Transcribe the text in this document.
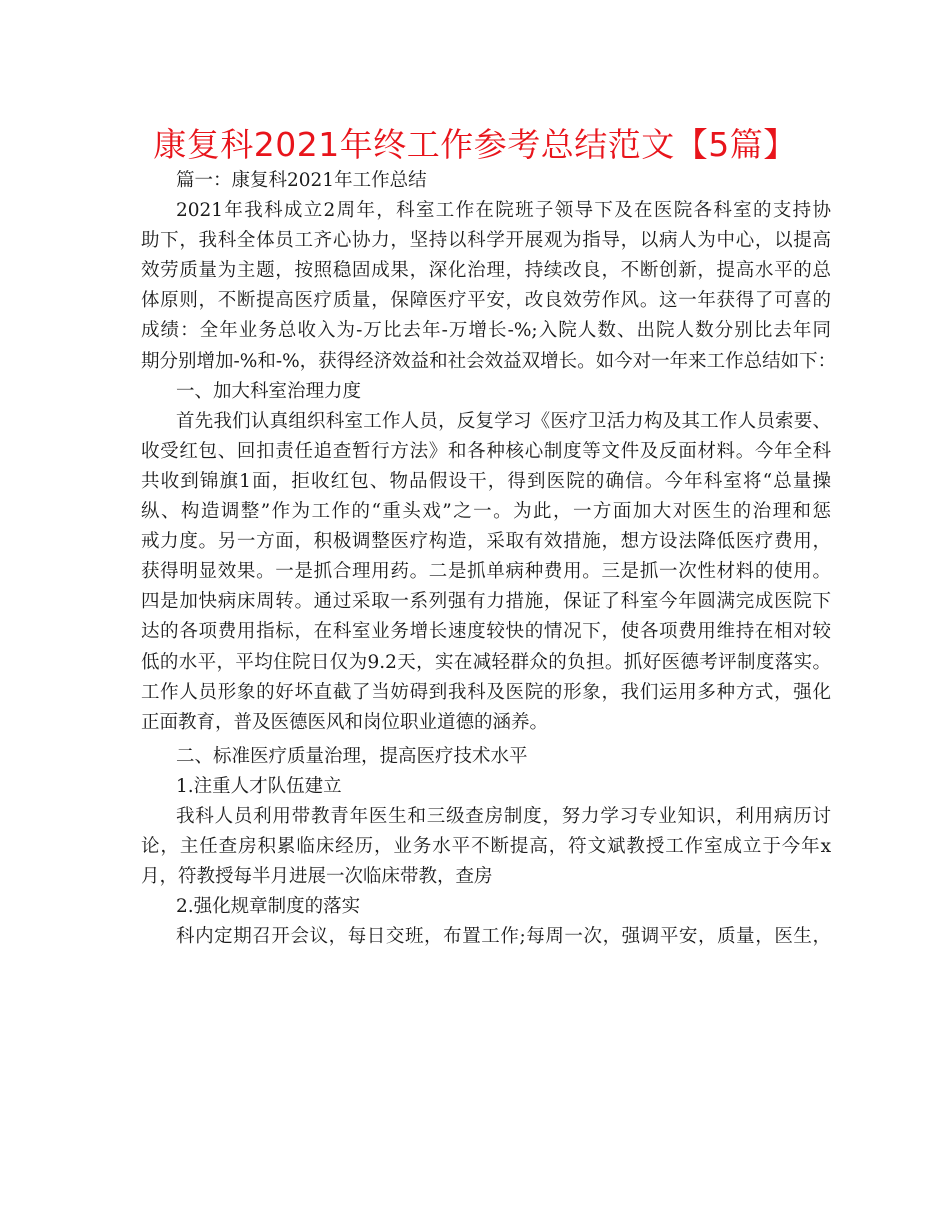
康复科2021年终工作参考总结范文【5篇】
篇一：康复科2021年工作总结
2021年我科成立2周年，科室工作在院班子领导下及在医院各科室的支持协
助下，我科全体员工齐心协力，坚持以科学开展观为指导，以病人为中心，以提高
效劳质量为主题，按照稳固成果，深化治理，持续改良，不断创新，提高水平的总
体原则，不断提高医疗质量，保障医疗平安，改良效劳作风。这一年获得了可喜的
成绩：全年业务总收入为-万比去年-万增长-%;入院人数、出院人数分别比去年同
期分别增加-%和-%，获得经济效益和社会效益双增长。如今对一年来工作总结如下：
一、加大科室治理力度
首先我们认真组织科室工作人员，反复学习《医疗卫活力构及其工作人员索要、
收受红包、回扣责任追查暂行方法》和各种核心制度等文件及反面材料。今年全科
共收到锦旗1面，拒收红包、物品假设干，得到医院的确信。今年科室将“总量操
纵、构造调整”作为工作的“重头戏”之一。为此，一方面加大对医生的治理和惩
戒力度。另一方面，积极调整医疗构造，采取有效措施，想方设法降低医疗费用，
获得明显效果。一是抓合理用药。二是抓单病种费用。三是抓一次性材料的使用。
四是加快病床周转。通过采取一系列强有力措施，保证了科室今年圆满完成医院下
达的各项费用指标，在科室业务增长速度较快的情况下，使各项费用维持在相对较
低的水平，平均住院日仅为9.2天，实在减轻群众的负担。抓好医德考评制度落实。
工作人员形象的好坏直截了当妨碍到我科及医院的形象，我们运用多种方式，强化
正面教育，普及医德医风和岗位职业道德的涵养。
二、标准医疗质量治理，提高医疗技术水平
1.注重人才队伍建立
我科人员利用带教青年医生和三级查房制度，努力学习专业知识，利用病历讨
论，主任查房积累临床经历，业务水平不断提高，符文斌教授工作室成立于今年x
月，符教授每半月进展一次临床带教，查房
2.强化规章制度的落实
科内定期召开会议，每日交班，布置工作;每周一次，强调平安，质量，医生，
